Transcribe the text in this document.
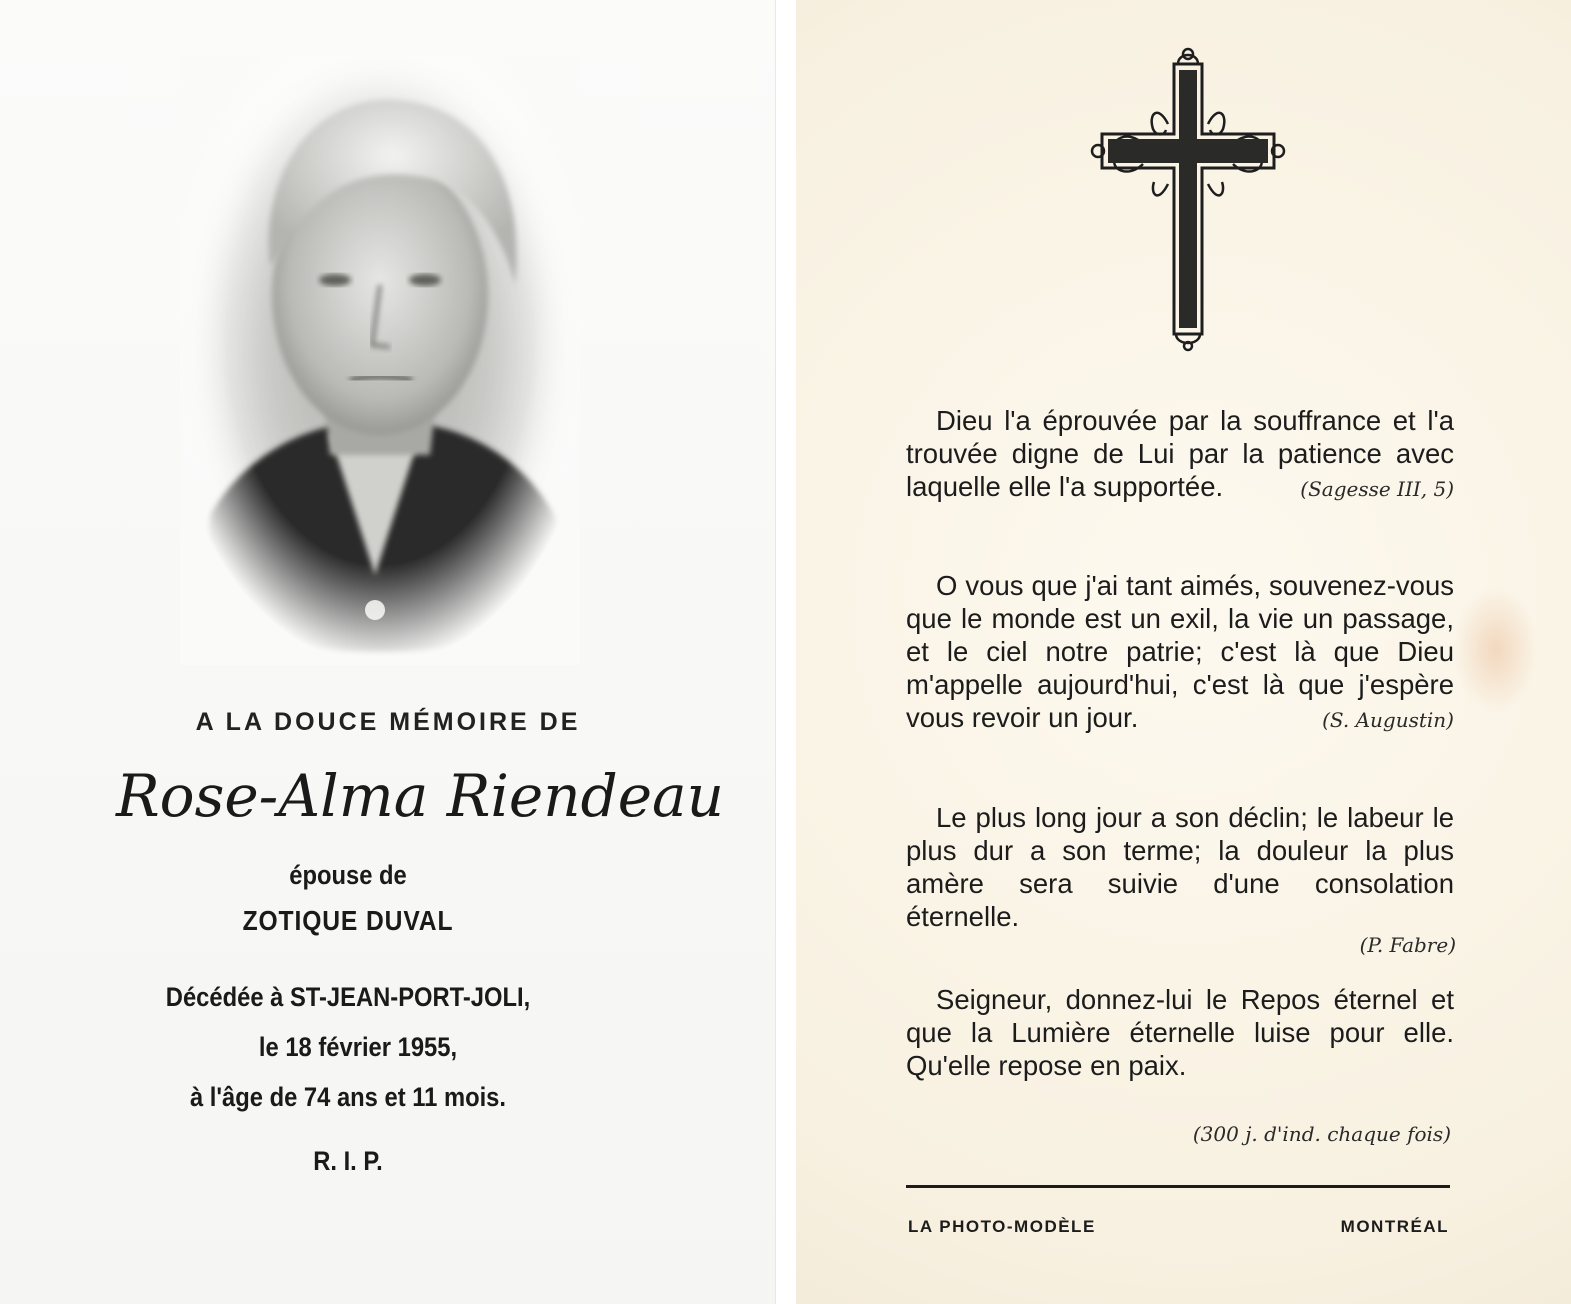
A LA DOUCE MÉMOIRE DE
Rose-Alma Riendeau
épouse de
ZOTIQUE DUVAL
Décédée à ST-JEAN-PORT-JOLI,
le 18 février 1955,
à l'âge de 74 ans et 11 mois.
R. I. P.
Dieu l'a éprouvée par la souffrance et l'a trouvée digne de Lui par la patience avec laquelle elle l'a supportée.	(Sagesse III, 5)
O vous que j'ai tant aimés, souvenez-vous que le monde est un exil, la vie un passage, et le ciel notre patrie; c'est là que Dieu m'appelle aujourd'hui, c'est là que j'espère vous revoir un jour.	(S. Augustin)
Le plus long jour a son déclin; le labeur le plus dur a son terme; la douleur la plus amère sera suivie d'une consolation éternelle.
(P. Fabre)
Seigneur, donnez-lui le Repos éternel et que la Lumière éternelle luise pour elle. Qu'elle repose en paix.
(300 j. d'ind. chaque fois)
LA PHOTO-MODÈLE	MONTRÉAL
